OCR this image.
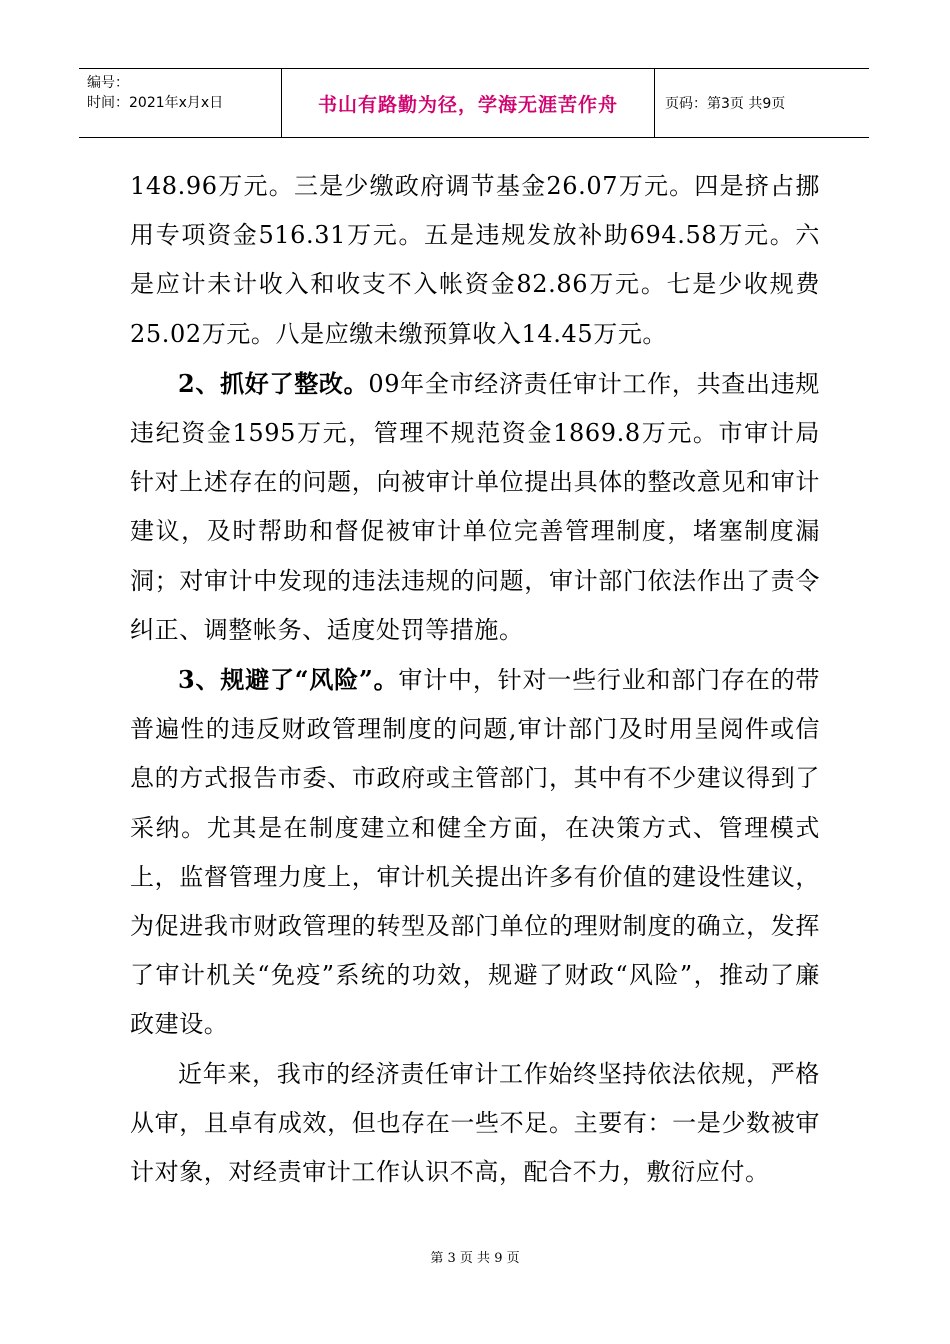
编号：
时间：2021年x月x日	书山有路勤为径，学海无涯苦作舟	页码：第3页 共9页

148.96万元。三是少缴政府调节基金26.07万元。四是挤占挪用专项资金516.31万元。五是违规发放补助694.58万元。六是应计未计收入和收支不入帐资金82.86万元。七是少收规费25.02万元。八是应缴未缴预算收入14.45万元。

2、抓好了整改。09年全市经济责任审计工作，共查出违规违纪资金1595万元，管理不规范资金1869.8万元。市审计局针对上述存在的问题，向被审计单位提出具体的整改意见和审计建议，及时帮助和督促被审计单位完善管理制度，堵塞制度漏洞；对审计中发现的违法违规的问题，审计部门依法作出了责令纠正、调整帐务、适度处罚等措施。

3、规避了“风险”。审计中，针对一些行业和部门存在的带普遍性的违反财政管理制度的问题,审计部门及时用呈阅件或信息的方式报告市委、市政府或主管部门，其中有不少建议得到了采纳。尤其是在制度建立和健全方面，在决策方式、管理模式上，监督管理力度上，审计机关提出许多有价值的建设性建议，为促进我市财政管理的转型及部门单位的理财制度的确立，发挥了审计机关“免疫”系统的功效，规避了财政“风险”，推动了廉政建设。

近年来，我市的经济责任审计工作始终坚持依法依规，严格从审，且卓有成效，但也存在一些不足。主要有：一是少数被审计对象，对经责审计工作认识不高，配合不力，敷衍应付。

第 3 页 共 9 页
